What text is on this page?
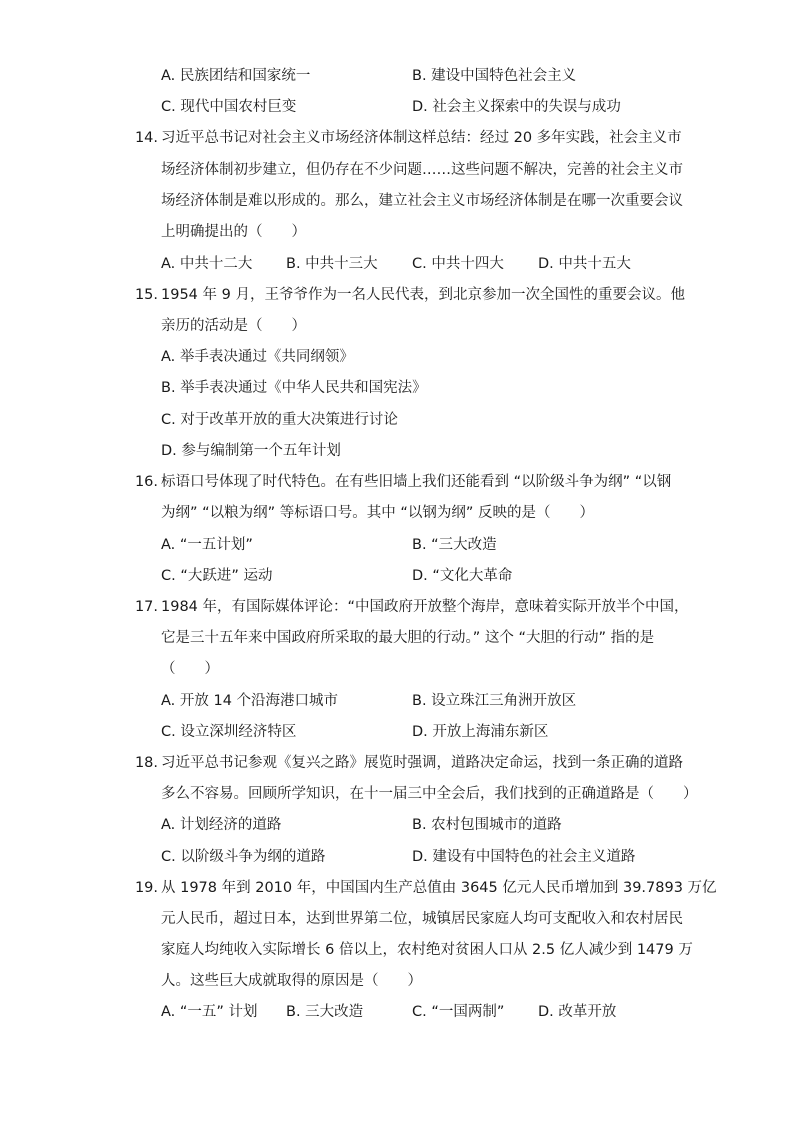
A. 民族团结和国家统一	B. 建设中国特色社会主义
C. 现代中国农村巨变	D. 社会主义探索中的失误与成功
14. 习近平总书记对社会主义市场经济体制这样总结：经过 20 多年实践，社会主义市
场经济体制初步建立，但仍存在不少问题……这些问题不解决，完善的社会主义市
场经济体制是难以形成的。那么，建立社会主义市场经济体制是在哪一次重要会议
上明确提出的（　　）
A. 中共十二大 B. 中共十三大 C. 中共十四大 D. 中共十五大
15. 1954 年 9 月，王爷爷作为一名人民代表，到北京参加一次全国性的重要会议。他
亲历的活动是（　　）
A. 举手表决通过《共同纲领》
B. 举手表决通过《中华人民共和国宪法》
C. 对于改革开放的重大决策进行讨论
D. 参与编制第一个五年计划
16. 标语口号体现了时代特色。在有些旧墙上我们还能看到 “以阶级斗争为纲” “以钢
为纲” “以粮为纲” 等标语口号。其中 “以钢为纲” 反映的是（　　）
A. “一五计划”	B. “三大改造
C. “大跃进” 运动	D. “文化大革命
17. 1984 年，有国际媒体评论：“中国政府开放整个海岸，意味着实际开放半个中国，
它是三十五年来中国政府所采取的最大胆的行动。” 这个 “大胆的行动” 指的是
（　　）
A. 开放 14 个沿海港口城市	B. 设立珠江三角洲开放区
C. 设立深圳经济特区	D. 开放上海浦东新区
18. 习近平总书记参观《复兴之路》展览时强调，道路决定命运，找到一条正确的道路
多么不容易。回顾所学知识，在十一届三中全会后，我们找到的正确道路是（　　）
A. 计划经济的道路	B. 农村包围城市的道路
C. 以阶级斗争为纲的道路	D. 建设有中国特色的社会主义道路
19. 从 1978 年到 2010 年，中国国内生产总值由 3645 亿元人民币增加到 39.7893 万亿
元人民币，超过日本，达到世界第二位，城镇居民家庭人均可支配收入和农村居民
家庭人均纯收入实际增长 6 倍以上，农村绝对贫困人口从 2.5 亿人减少到 1479 万
人。这些巨大成就取得的原因是（　　）
A. “一五” 计划 B. 三大改造	C. “一国两制” D. 改革开放
